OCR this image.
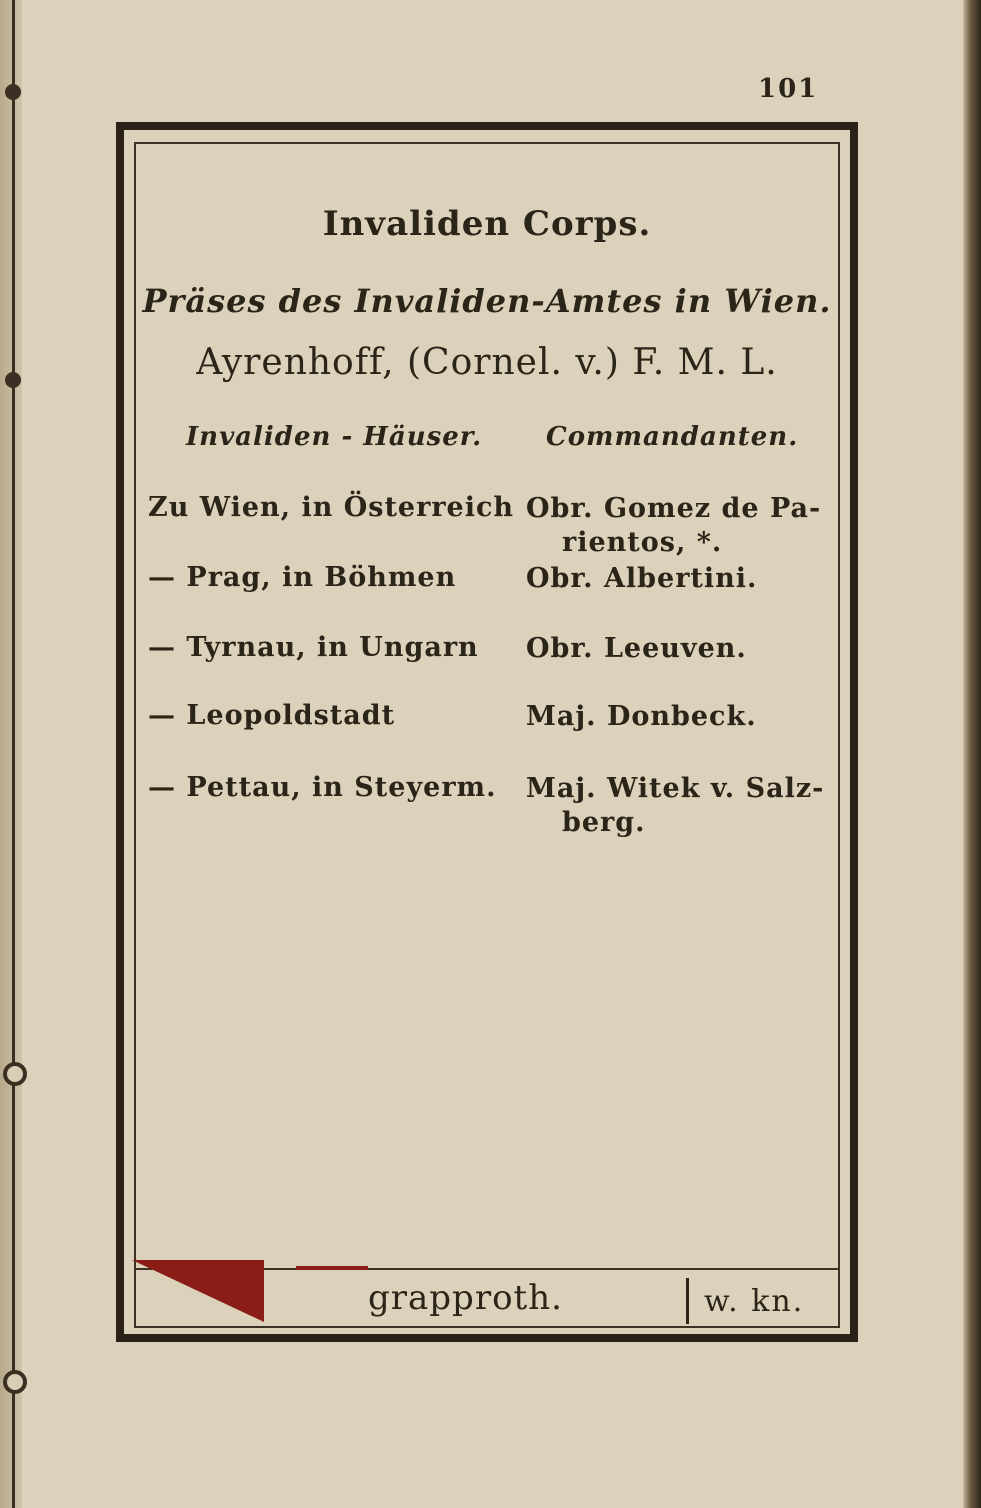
101
Invaliden Corps.
Präses des Invaliden-Amtes in Wien.
Ayrenhoff, (Cornel. v.) F. M. L.
Invaliden - Häuser. Commandanten.
Zu Wien, in Österreich Obr. Gomez de Pa-
rientos, *.
— Prag, in Böhmen	Obr. Albertini.
— Tyrnau, in Ungarn	Obr. Leeuven.
— Leopoldstadt	Maj. Donbeck.
— Pettau, in Steyerm.	Maj. Witek v. Salz-
berg.
grapproth.	w. kn.
